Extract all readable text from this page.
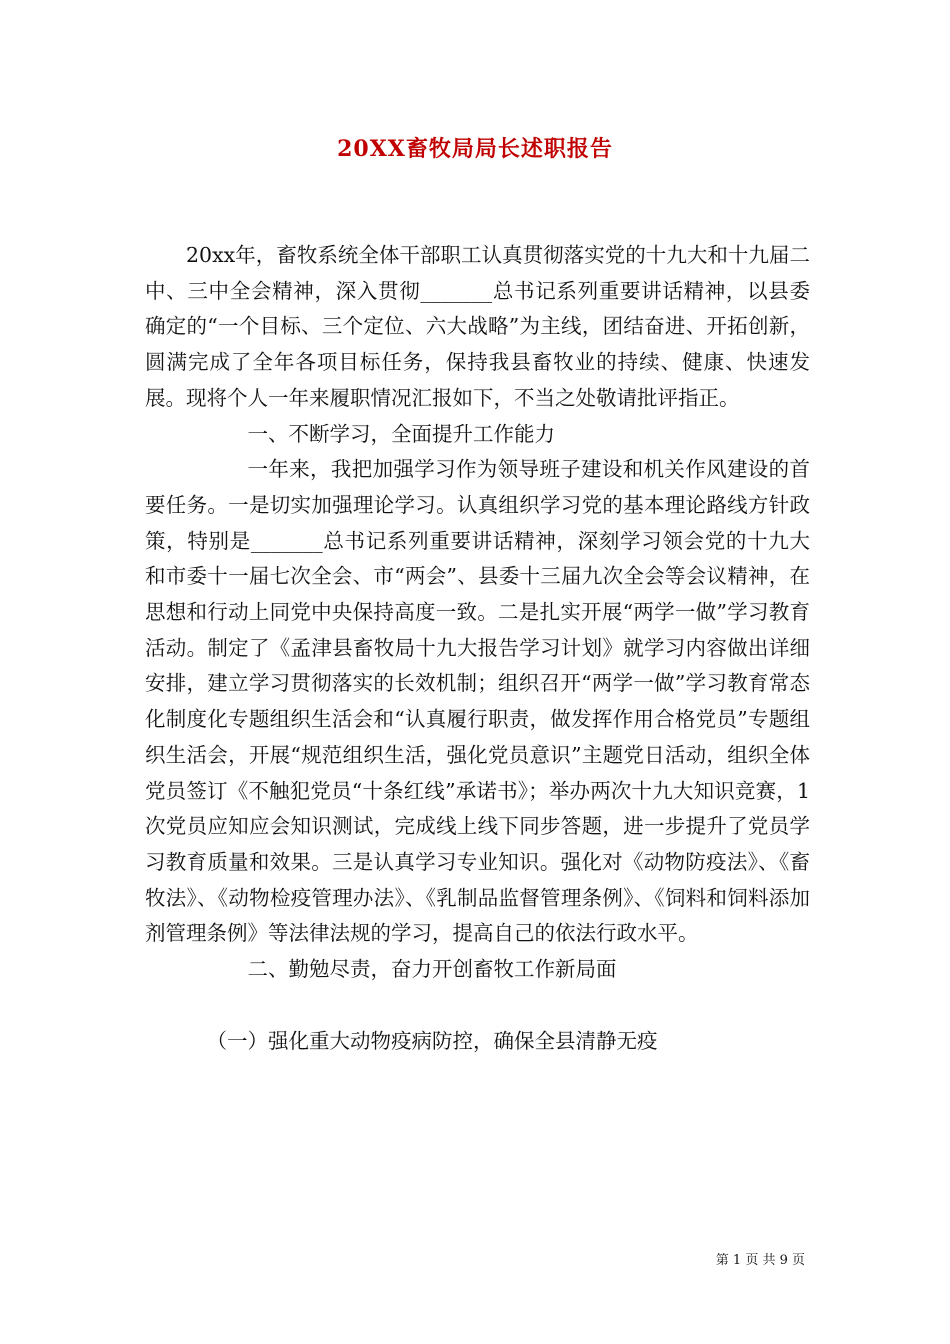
20XX畜牧局局长述职报告

20xx年，畜牧系统全体干部职工认真贯彻落实党的十九大和十九届二中、三中全会精神，深入贯彻_______总书记系列重要讲话精神，以县委确定的“一个目标、三个定位、六大战略”为主线，团结奋进、开拓创新，圆满完成了全年各项目标任务，保持我县畜牧业的持续、健康、快速发展。现将个人一年来履职情况汇报如下，不当之处敬请批评指正。

一、不断学习，全面提升工作能力

一年来，我把加强学习作为领导班子建设和机关作风建设的首要任务。一是切实加强理论学习。认真组织学习党的基本理论路线方针政策，特别是_______总书记系列重要讲话精神，深刻学习领会党的十九大和市委十一届七次全会、市“两会”、县委十三届九次全会等会议精神，在思想和行动上同党中央保持高度一致。二是扎实开展“两学一做”学习教育活动。制定了《孟津县畜牧局十九大报告学习计划》就学习内容做出详细安排，建立学习贯彻落实的长效机制；组织召开“两学一做”学习教育常态化制度化专题组织生活会和“认真履行职责，做发挥作用合格党员”专题组织生活会，开展“规范组织生活，强化党员意识”主题党日活动，组织全体党员签订《不触犯党员“十条红线”承诺书》；举办两次十九大知识竞赛，1次党员应知应会知识测试，完成线上线下同步答题，进一步提升了党员学习教育质量和效果。三是认真学习专业知识。强化对《动物防疫法》、《畜牧法》、《动物检疫管理办法》、《乳制品监督管理条例》、《饲料和饲料添加剂管理条例》等法律法规的学习，提高自己的依法行政水平。

二、勤勉尽责，奋力开创畜牧工作新局面

（一）强化重大动物疫病防控，确保全县清静无疫

第 1 页 共 9 页
